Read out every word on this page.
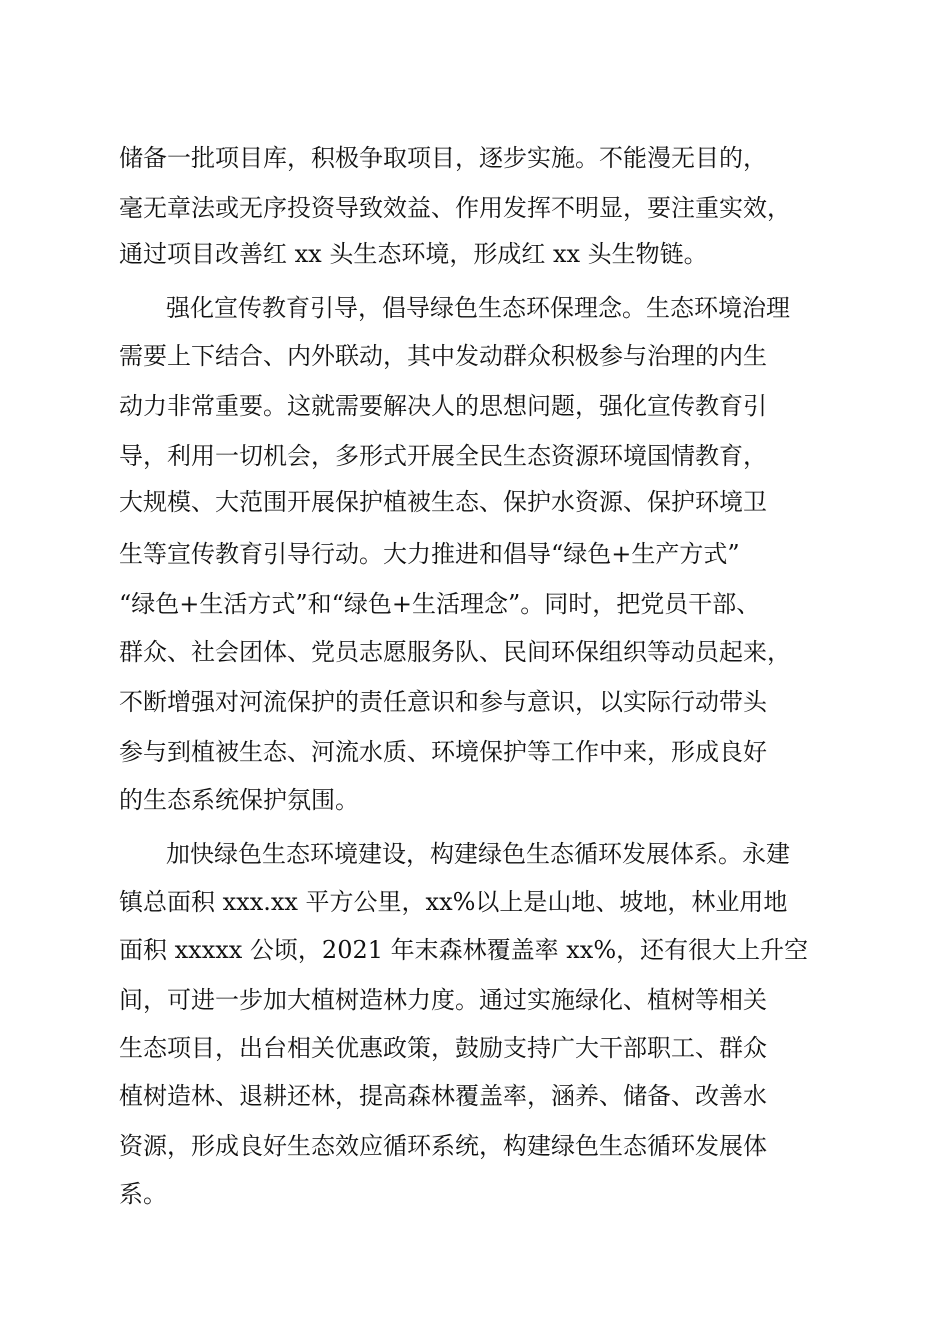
储备一批项目库，积极争取项目，逐步实施。不能漫无目的，
毫无章法或无序投资导致效益、作用发挥不明显，要注重实效，
通过项目改善红 xx 头生态环境，形成红 xx 头生物链。
强化宣传教育引导，倡导绿色生态环保理念。生态环境治理
需要上下结合、内外联动，其中发动群众积极参与治理的内生
动力非常重要。这就需要解决人的思想问题，强化宣传教育引
导，利用一切机会，多形式开展全民生态资源环境国情教育，
大规模、大范围开展保护植被生态、保护水资源、保护环境卫
生等宣传教育引导行动。大力推进和倡导“绿色+生产方式”
“绿色+生活方式”和“绿色+生活理念”。同时，把党员干部、
群众、社会团体、党员志愿服务队、民间环保组织等动员起来，
不断增强对河流保护的责任意识和参与意识，以实际行动带头
参与到植被生态、河流水质、环境保护等工作中来，形成良好
的生态系统保护氛围。
加快绿色生态环境建设，构建绿色生态循环发展体系。永建
镇总面积 xxx.xx 平方公里，xx%以上是山地、坡地，林业用地
面积 xxxxx 公顷，2021 年末森林覆盖率 xx%，还有很大上升空
间，可进一步加大植树造林力度。通过实施绿化、植树等相关
生态项目，出台相关优惠政策，鼓励支持广大干部职工、群众
植树造林、退耕还林，提高森林覆盖率，涵养、储备、改善水
资源，形成良好生态效应循环系统，构建绿色生态循环发展体
系。
